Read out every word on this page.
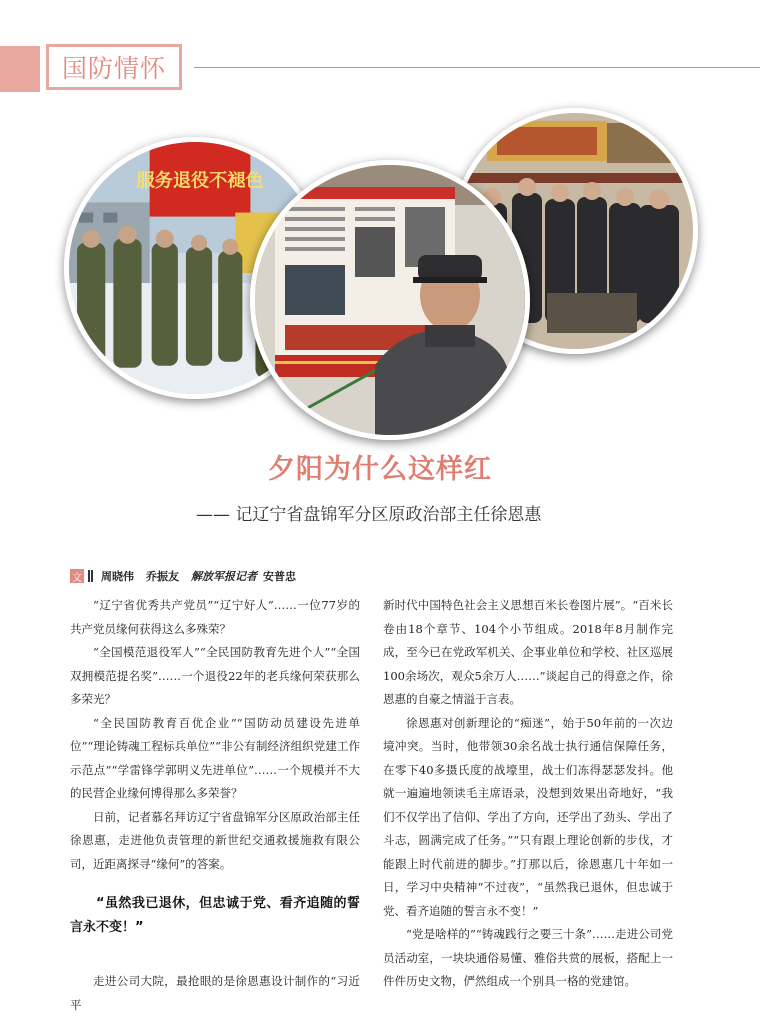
国防情怀
服务退役不褪色
夕阳为什么这样红
—— 记辽宁省盘锦军分区原政治部主任徐恩惠
文 周晓伟 乔振友 解放军报记者 安普忠

“辽宁省优秀共产党员”“辽宁好人”……一位77岁的共产党员缘何获得这么多殊荣？

“全国模范退役军人”“全民国防教育先进个人”“全国双拥模范提名奖”……一个退役22年的老兵缘何荣获那么多荣光？

“全民国防教育百优企业”“国防动员建设先进单位”“理论铸魂工程标兵单位”“非公有制经济组织党建工作示范点”“学雷锋学郭明义先进单位”……一个规模并不大的民营企业缘何博得那么多荣誉？

日前，记者慕名拜访辽宁省盘锦军分区原政治部主任徐恩惠，走进他负责管理的新世纪交通救援施救有限公司，近距离探寻“缘何”的答案。

“虽然我已退休，但忠诚于党、看齐追随的誓言永不变！”

走进公司大院，最抢眼的是徐恩惠设计制作的“习近平

新时代中国特色社会主义思想百米长卷图片展”。“百米长卷由18个章节、104个小节组成。2018年8月制作完成，至今已在党政军机关、企事业单位和学校、社区巡展100余场次，观众5余万人……”谈起自己的得意之作，徐恩惠的自豪之情溢于言表。

徐恩惠对创新理论的“痴迷”，始于50年前的一次边境冲突。当时，他带领30余名战士执行通信保障任务，在零下40多摄氏度的战壕里，战士们冻得瑟瑟发抖。他就一遍遍地领读毛主席语录，没想到效果出奇地好，“我们不仅学出了信仰、学出了方向，还学出了劲头、学出了斗志，圆满完成了任务。”“只有跟上理论创新的步伐，才能跟上时代前进的脚步。”打那以后，徐恩惠几十年如一日，学习中央精神“不过夜”，“虽然我已退休，但忠诚于党、看齐追随的誓言永不变！”

“党是啥样的”“铸魂践行之要三十条”……走进公司党员活动室，一块块通俗易懂、雅俗共赏的展板，搭配上一件件历史文物，俨然组成一个别具一格的党建馆。
